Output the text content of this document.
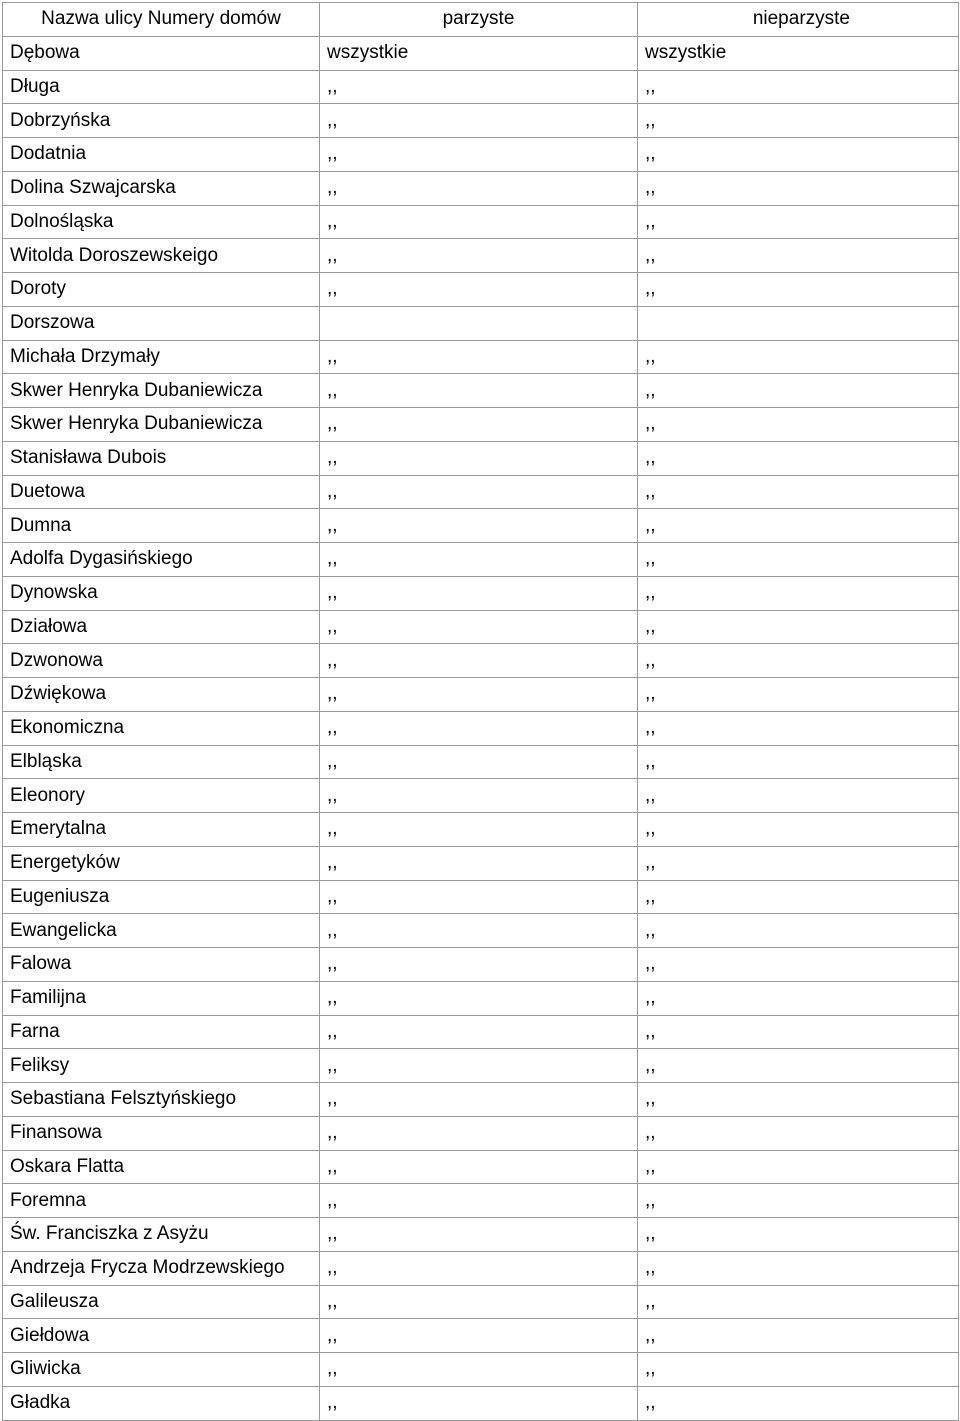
Nazwa ulicy Numery domów	parzyste	nieparzyste
Dębowa	wszystkie	wszystkie
Długa	,,	,,
Dobrzyńska	,,	,,
Dodatnia	,,	,,
Dolina Szwajcarska	,,	,,
Dolnośląska	,,	,,
Witolda Doroszewskeigo	,,	,,
Doroty	,,	,,
Dorszowa		
Michała Drzymały	,,	,,
Skwer Henryka Dubaniewicza	,,	,,
Skwer Henryka Dubaniewicza	,,	,,
Stanisława Dubois	,,	,,
Duetowa	,,	,,
Dumna	,,	,,
Adolfa Dygasińskiego	,,	,,
Dynowska	,,	,,
Działowa	,,	,,
Dzwonowa	,,	,,
Dźwiękowa	,,	,,
Ekonomiczna	,,	,,
Elbląska	,,	,,
Eleonory	,,	,,
Emerytalna	,,	,,
Energetyków	,,	,,
Eugeniusza	,,	,,
Ewangelicka	,,	,,
Falowa	,,	,,
Familijna	,,	,,
Farna	,,	,,
Feliksy	,,	,,
Sebastiana Felsztyńskiego	,,	,,
Finansowa	,,	,,
Oskara Flatta	,,	,,
Foremna	,,	,,
Św. Franciszka z Asyżu	,,	,,
Andrzeja Frycza Modrzewskiego	,,	,,
Galileusza	,,	,,
Giełdowa	,,	,,
Gliwicka	,,	,,
Gładka	,,	,,
